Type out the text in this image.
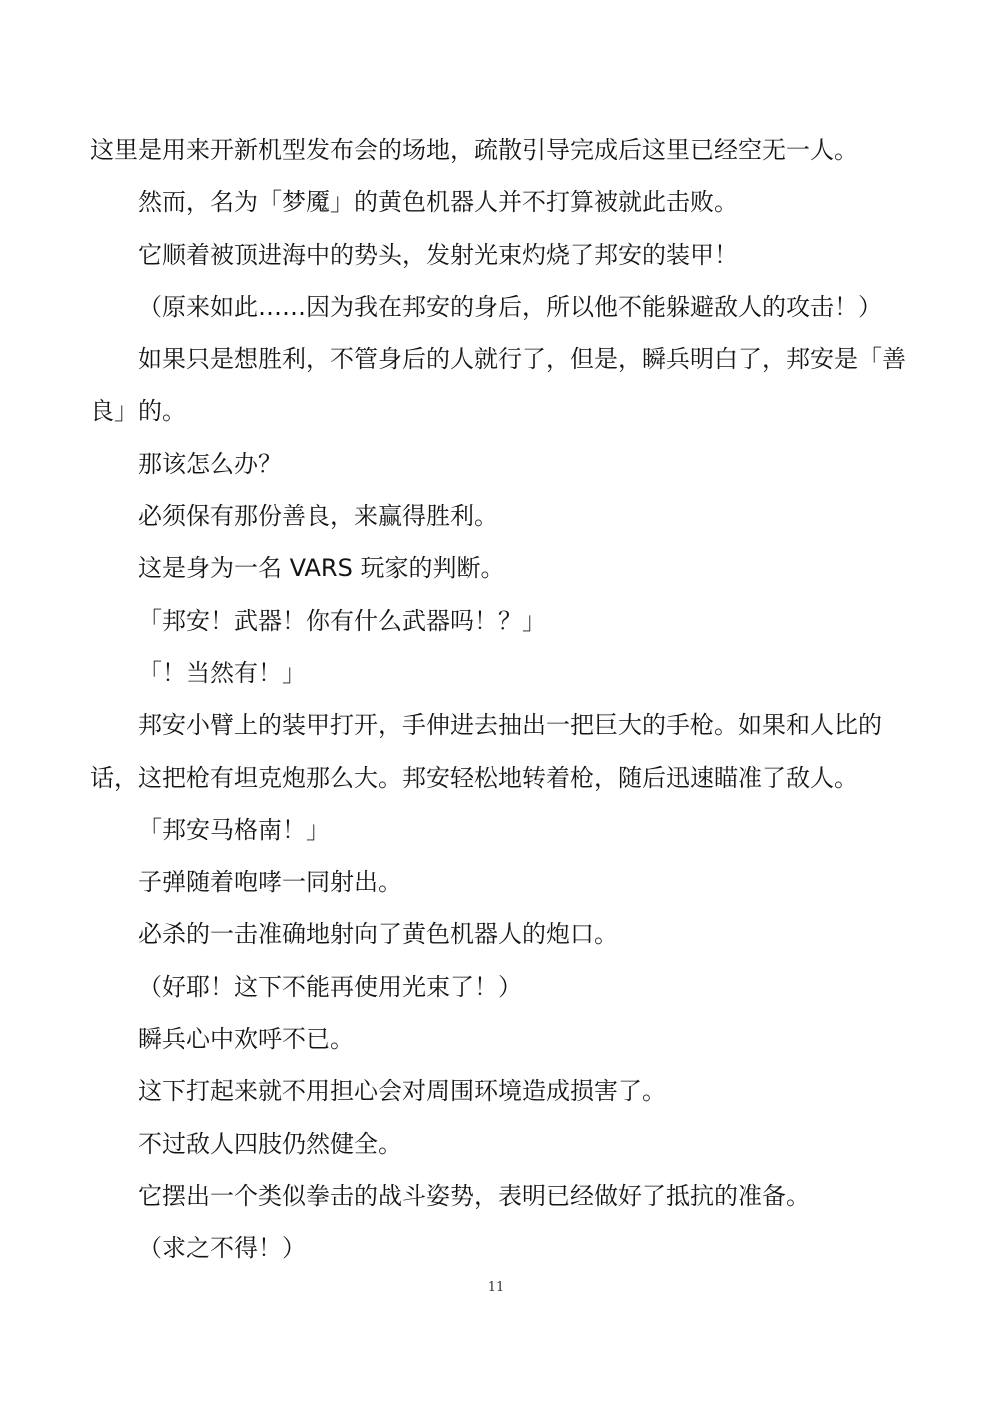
这里是用来开新机型发布会的场地，疏散引导完成后这里已经空无一人。

然而，名为「梦魇」的黄色机器人并不打算被就此击败。

它顺着被顶进海中的势头，发射光束灼烧了邦安的装甲！

（原来如此……因为我在邦安的身后，所以他不能躲避敌人的攻击！）

如果只是想胜利，不管身后的人就行了，但是，瞬兵明白了，邦安是「善良」的。

那该怎么办？

必须保有那份善良，来赢得胜利。

这是身为一名 VARS 玩家的判断。

「邦安！武器！你有什么武器吗！？」

「！当然有！」

邦安小臂上的装甲打开，手伸进去抽出一把巨大的手枪。如果和人比的话，这把枪有坦克炮那么大。邦安轻松地转着枪，随后迅速瞄准了敌人。

「邦安马格南！」

子弹随着咆哮一同射出。

必杀的一击准确地射向了黄色机器人的炮口。

（好耶！这下不能再使用光束了！）

瞬兵心中欢呼不已。

这下打起来就不用担心会对周围环境造成损害了。

不过敌人四肢仍然健全。

它摆出一个类似拳击的战斗姿势，表明已经做好了抵抗的准备。

（求之不得！）

11
